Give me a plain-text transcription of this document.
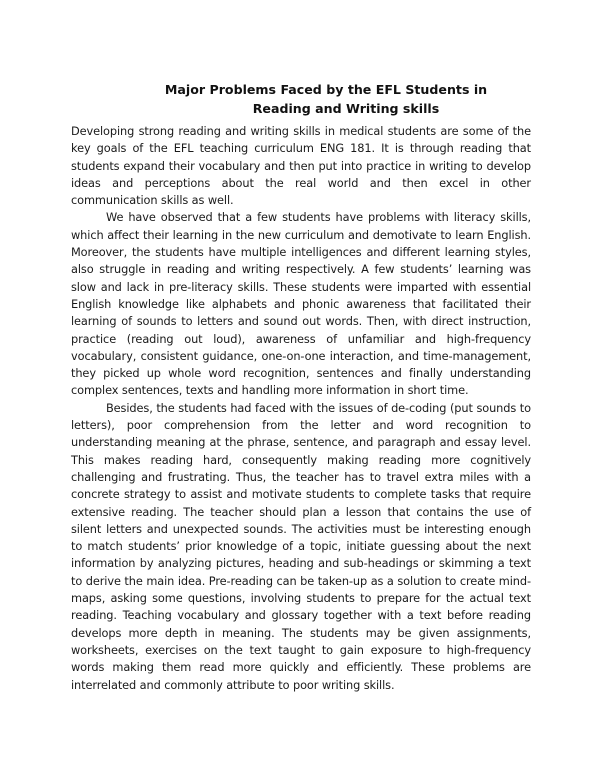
Major Problems Faced by the EFL Students in
Reading and Writing skills

Developing strong reading and writing skills in medical students are some of the key goals of the EFL teaching curriculum ENG 181. It is through reading that students expand their vocabulary and then put into practice in writing to develop ideas and perceptions about the real world and then excel in other communication skills as well.

We have observed that a few students have problems with literacy skills, which affect their learning in the new curriculum and demotivate to learn English. Moreover, the students have multiple intelligences and different learning styles, also struggle in reading and writing respectively. A few students’ learning was slow and lack in pre-literacy skills. These students were imparted with essential English knowledge like alphabets and phonic awareness that facilitated their learning of sounds to letters and sound out words. Then, with direct instruction, practice (reading out loud), awareness of unfamiliar and high-frequency vocabulary, consistent guidance, one-on-one interaction, and time-management, they picked up whole word recognition, sentences and finally understanding complex sentences, texts and handling more information in short time.

Besides, the students had faced with the issues of de-coding (put sounds to letters), poor comprehension from the letter and word recognition to understanding meaning at the phrase, sentence, and paragraph and essay level. This makes reading hard, consequently making reading more cognitively challenging and frustrating. Thus, the teacher has to travel extra miles with a concrete strategy to assist and motivate students to complete tasks that require extensive reading. The teacher should plan a lesson that contains the use of silent letters and unexpected sounds. The activities must be interesting enough to match students’ prior knowledge of a topic, initiate guessing about the next information by analyzing pictures, heading and sub-headings or skimming a text to derive the main idea. Pre-reading can be taken-up as a solution to create mind-maps, asking some questions, involving students to prepare for the actual text reading. Teaching vocabulary and glossary together with a text before reading develops more depth in meaning. The students may be given assignments, worksheets, exercises on the text taught to gain exposure to high-frequency words making them read more quickly and efficiently. These problems are interrelated and commonly attribute to poor writing skills.
